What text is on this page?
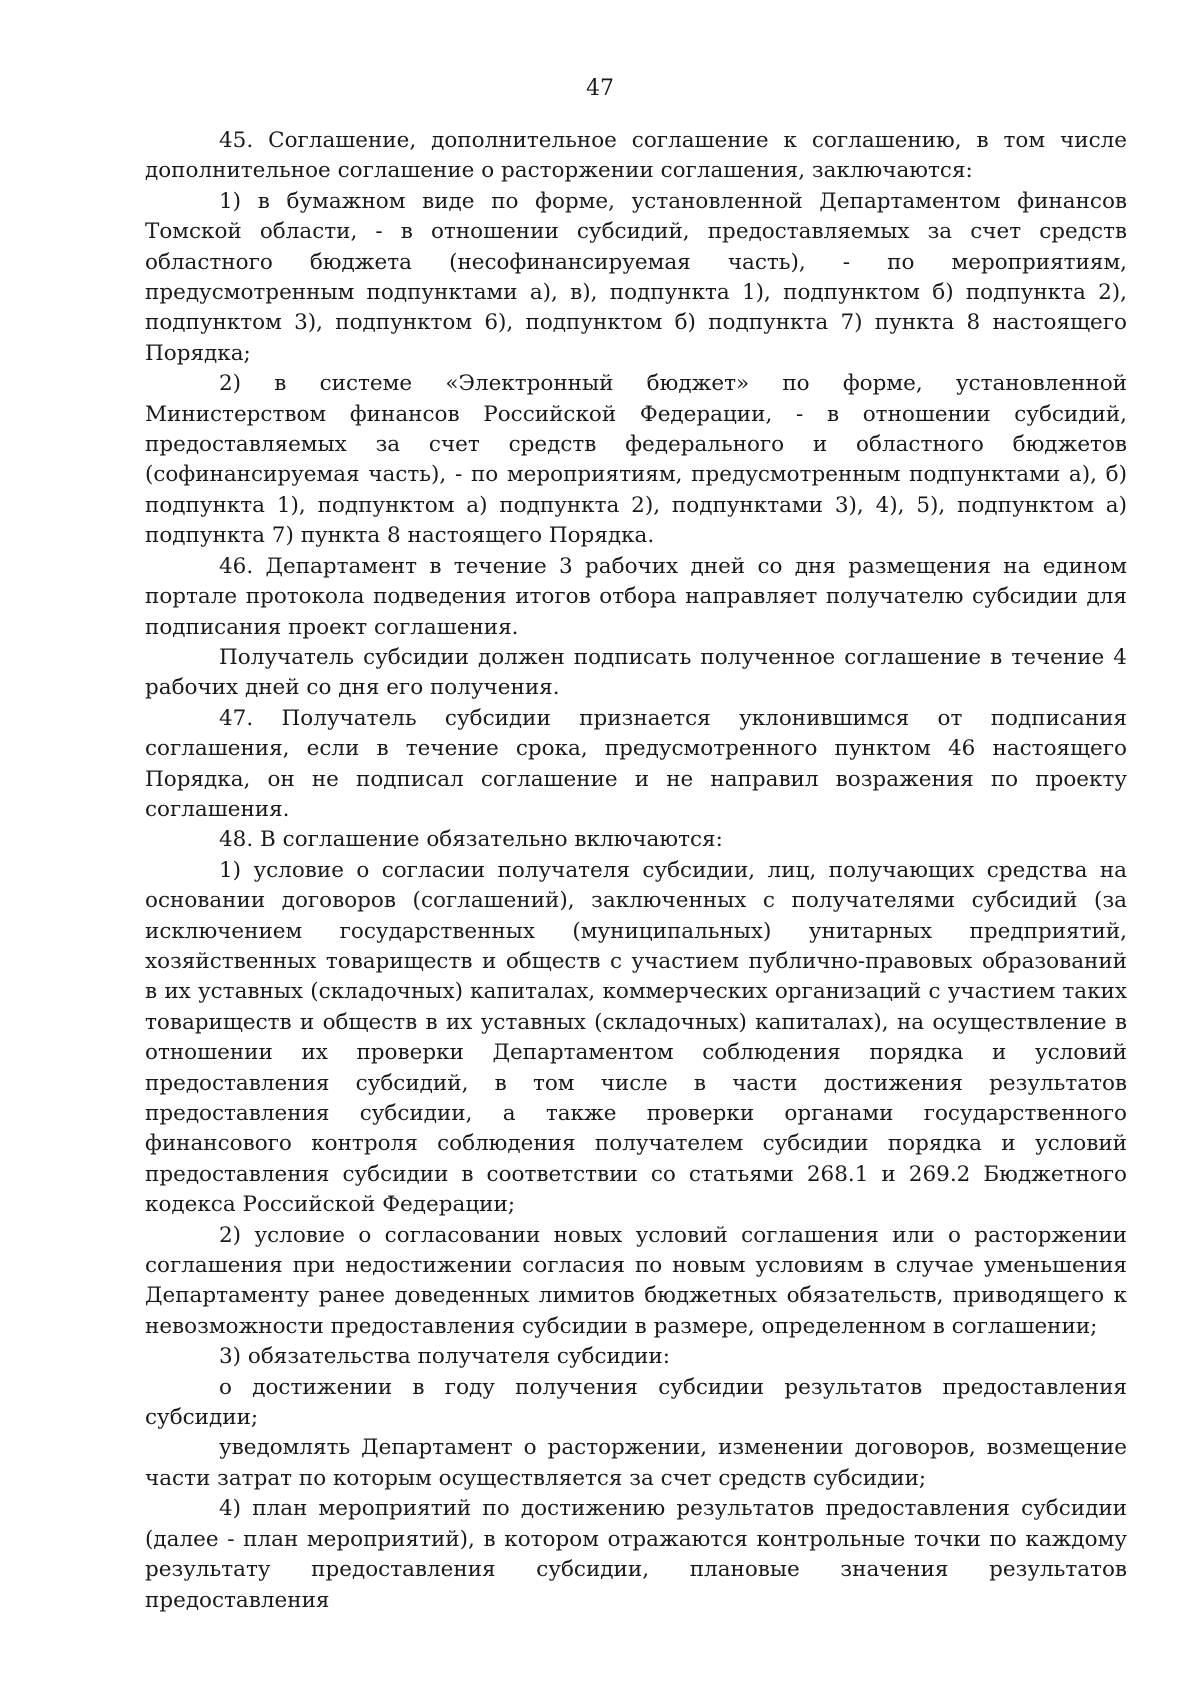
47

45. Соглашение, дополнительное соглашение к соглашению, в том числе дополнительное соглашение о расторжении соглашения, заключаются:

1) в бумажном виде по форме, установленной Департаментом финансов Томской области, - в отношении субсидий, предоставляемых за счет средств областного бюджета (несофинансируемая часть), - по мероприятиям, предусмотренным подпунктами а), в), подпункта 1), подпунктом б) подпункта 2), подпунктом 3), подпунктом 6), подпунктом б) подпункта 7) пункта 8 настоящего Порядка;

2) в системе «Электронный бюджет» по форме, установленной Министерством финансов Российской Федерации, - в отношении субсидий, предоставляемых за счет средств федерального и областного бюджетов (софинансируемая часть), - по мероприятиям, предусмотренным подпунктами а), б) подпункта 1), подпунктом а) подпункта 2), подпунктами 3), 4), 5), подпунктом а) подпункта 7) пункта 8 настоящего Порядка.

46. Департамент в течение 3 рабочих дней со дня размещения на едином портале протокола подведения итогов отбора направляет получателю субсидии для подписания проект соглашения.

Получатель субсидии должен подписать полученное соглашение в течение 4 рабочих дней со дня его получения.

47. Получатель субсидии признается уклонившимся от подписания соглашения, если в течение срока, предусмотренного пунктом 46 настоящего Порядка, он не подписал соглашение и не направил возражения по проекту соглашения.

48. В соглашение обязательно включаются:

1) условие о согласии получателя субсидии, лиц, получающих средства на основании договоров (соглашений), заключенных с получателями субсидий (за исключением государственных (муниципальных) унитарных предприятий, хозяйственных товариществ и обществ с участием публично-правовых образований в их уставных (складочных) капиталах, коммерческих организаций с участием таких товариществ и обществ в их уставных (складочных) капиталах), на осуществление в отношении их проверки Департаментом соблюдения порядка и условий предоставления субсидий, в том числе в части достижения результатов предоставления субсидии, а также проверки органами государственного финансового контроля соблюдения получателем субсидии порядка и условий предоставления субсидии в соответствии со статьями 268.1 и 269.2 Бюджетного кодекса Российской Федерации;

2) условие о согласовании новых условий соглашения или о расторжении соглашения при недостижении согласия по новым условиям в случае уменьшения Департаменту ранее доведенных лимитов бюджетных обязательств, приводящего к невозможности предоставления субсидии в размере, определенном в соглашении;

3) обязательства получателя субсидии:

о достижении в году получения субсидии результатов предоставления субсидии;

уведомлять Департамент о расторжении, изменении договоров, возмещение части затрат по которым осуществляется за счет средств субсидии;

4) план мероприятий по достижению результатов предоставления субсидии (далее - план мероприятий), в котором отражаются контрольные точки по каждому результату предоставления субсидии, плановые значения результатов предоставления
